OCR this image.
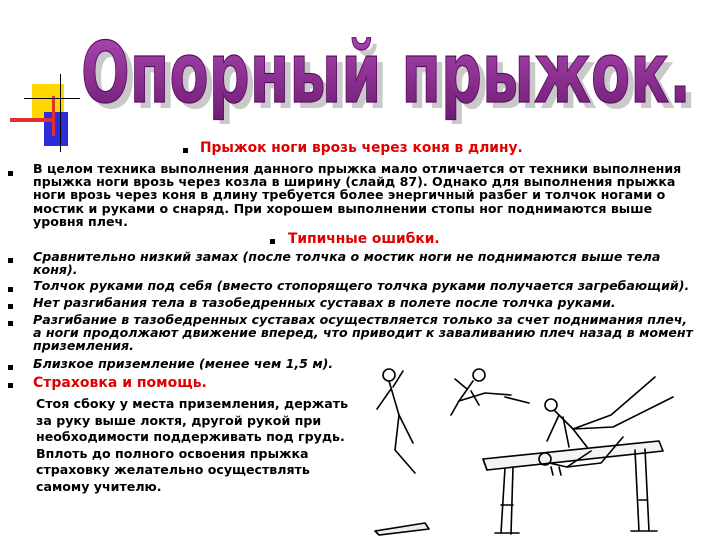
Опорный прыжок.
Опорный прыжок.
Прыжок ноги врозь через коня в длину.
В целом техника выполнения данного прыжка мало отличается от техники выполнения
прыжка ноги врозь через козла в ширину (слайд 87). Однако для выполнения прыжка
ноги врозь через коня в длину требуется более энергичный разбег и толчок ногами о
мостик и руками о снаряд. При хорошем выполнении стопы ног поднимаются выше
уровня плеч.
Типичные ошибки.
Сравнительно низкий замах (после толчка о мостик ноги не поднимаются выше тела
коня).
Толчок руками под себя (вместо стопорящего толчка руками получается загребающий).
Нет разгибания тела в тазобедренных суставах в полете после толчка руками.
Разгибание в тазобедренных суставах осуществляется только за счет поднимания плеч,
а ноги продолжают движение вперед, что приводит к заваливанию плеч назад в момент
приземления.
Близкое приземление (менее чем 1,5 м).
Страховка и помощь.
Стоя сбоку у места приземления, держать
за руку выше локтя, другой рукой при
необходимости поддерживать под грудь.
Вплоть до полного освоения прыжка
страховку желательно осуществлять
самому учителю.
